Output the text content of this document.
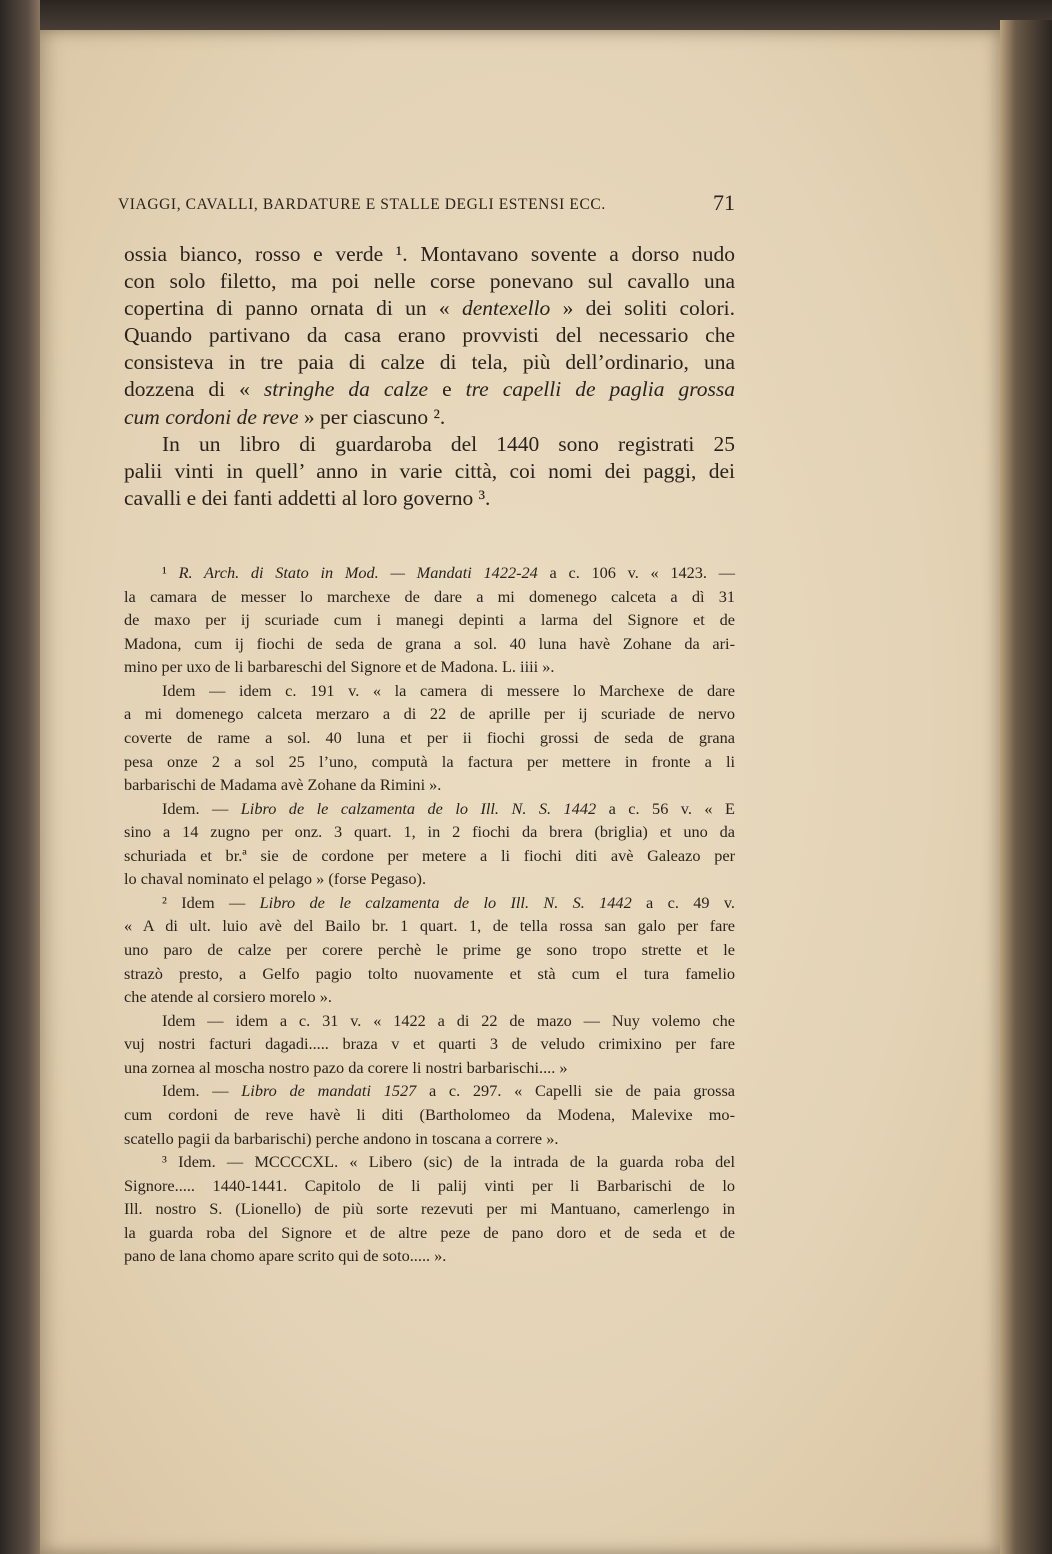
VIAGGI, CAVALLI, BARDATURE E STALLE DEGLI ESTENSI ECC.	71
ossia bianco, rosso e verde ¹. Montavano sovente a dorso nudo
con solo filetto, ma poi nelle corse ponevano sul cavallo una
copertina di panno ornata di un « dentexello » dei soliti colori.
Quando partivano da casa erano provvisti del necessario che
consisteva in tre paia di calze di tela, più dell’ordinario, una
dozzena di « stringhe da calze e tre capelli de paglia grossa
cum cordoni de reve » per ciascuno ².
In un libro di guardaroba del 1440 sono registrati 25
palii vinti in quell’ anno in varie città, coi nomi dei paggi, dei
cavalli e dei fanti addetti al loro governo ³.
¹ R. Arch. di Stato in Mod. — Mandati 1422-24 a c. 106 v. « 1423. —
la camara de messer lo marchexe de dare a mi domenego calceta a dì 31
de maxo per ij scuriade cum i manegi depinti a larma del Signore et de
Madona, cum ij fiochi de seda de grana a sol. 40 luna havè Zohane da ari-
mino per uxo de li barbareschi del Signore et de Madona. L. iiii ».
Idem — idem c. 191 v. « la camera di messere lo Marchexe de dare
a mi domenego calceta merzaro a di 22 de aprille per ij scuriade de nervo
coverte de rame a sol. 40 luna et per ii fiochi grossi de seda de grana
pesa onze 2 a sol 25 l’uno, computà la factura per mettere in fronte a li
barbarischi de Madama avè Zohane da Rimini ».
Idem. — Libro de le calzamenta de lo Ill. N. S. 1442 a c. 56 v. « E
sino a 14 zugno per onz. 3 quart. 1, in 2 fiochi da brera (briglia) et uno da
schuriada et br.ª sie de cordone per metere a li fiochi diti avè Galeazo per
lo chaval nominato el pelago » (forse Pegaso).
² Idem — Libro de le calzamenta de lo Ill. N. S. 1442 a c. 49 v.
« A di ult. luio avè del Bailo br. 1 quart. 1, de tella rossa san galo per fare
uno paro de calze per corere perchè le prime ge sono tropo strette et le
strazò presto, a Gelfo pagio tolto nuovamente et stà cum el tura famelio
che atende al corsiero morelo ».
Idem — idem a c. 31 v. « 1422 a di 22 de mazo — Nuy volemo che
vuj nostri facturi dagadi..... braza v et quarti 3 de veludo crimixino per fare
una zornea al moscha nostro pazo da corere li nostri barbarischi.... »
Idem. — Libro de mandati 1527 a c. 297. « Capelli sie de paia grossa
cum cordoni de reve havè li diti (Bartholomeo da Modena, Malevixe mo-
scatello pagii da barbarischi) perche andono in toscana a correre ».
³ Idem. — MCCCCXL. « Libero (sic) de la intrada de la guarda roba del
Signore..... 1440-1441. Capitolo de li palij vinti per li Barbarischi de lo
Ill. nostro S. (Lionello) de più sorte rezevuti per mi Mantuano, camerlengo in
la guarda roba del Signore et de altre peze de pano doro et de seda et de
pano de lana chomo apare scrito qui de soto..... ».
